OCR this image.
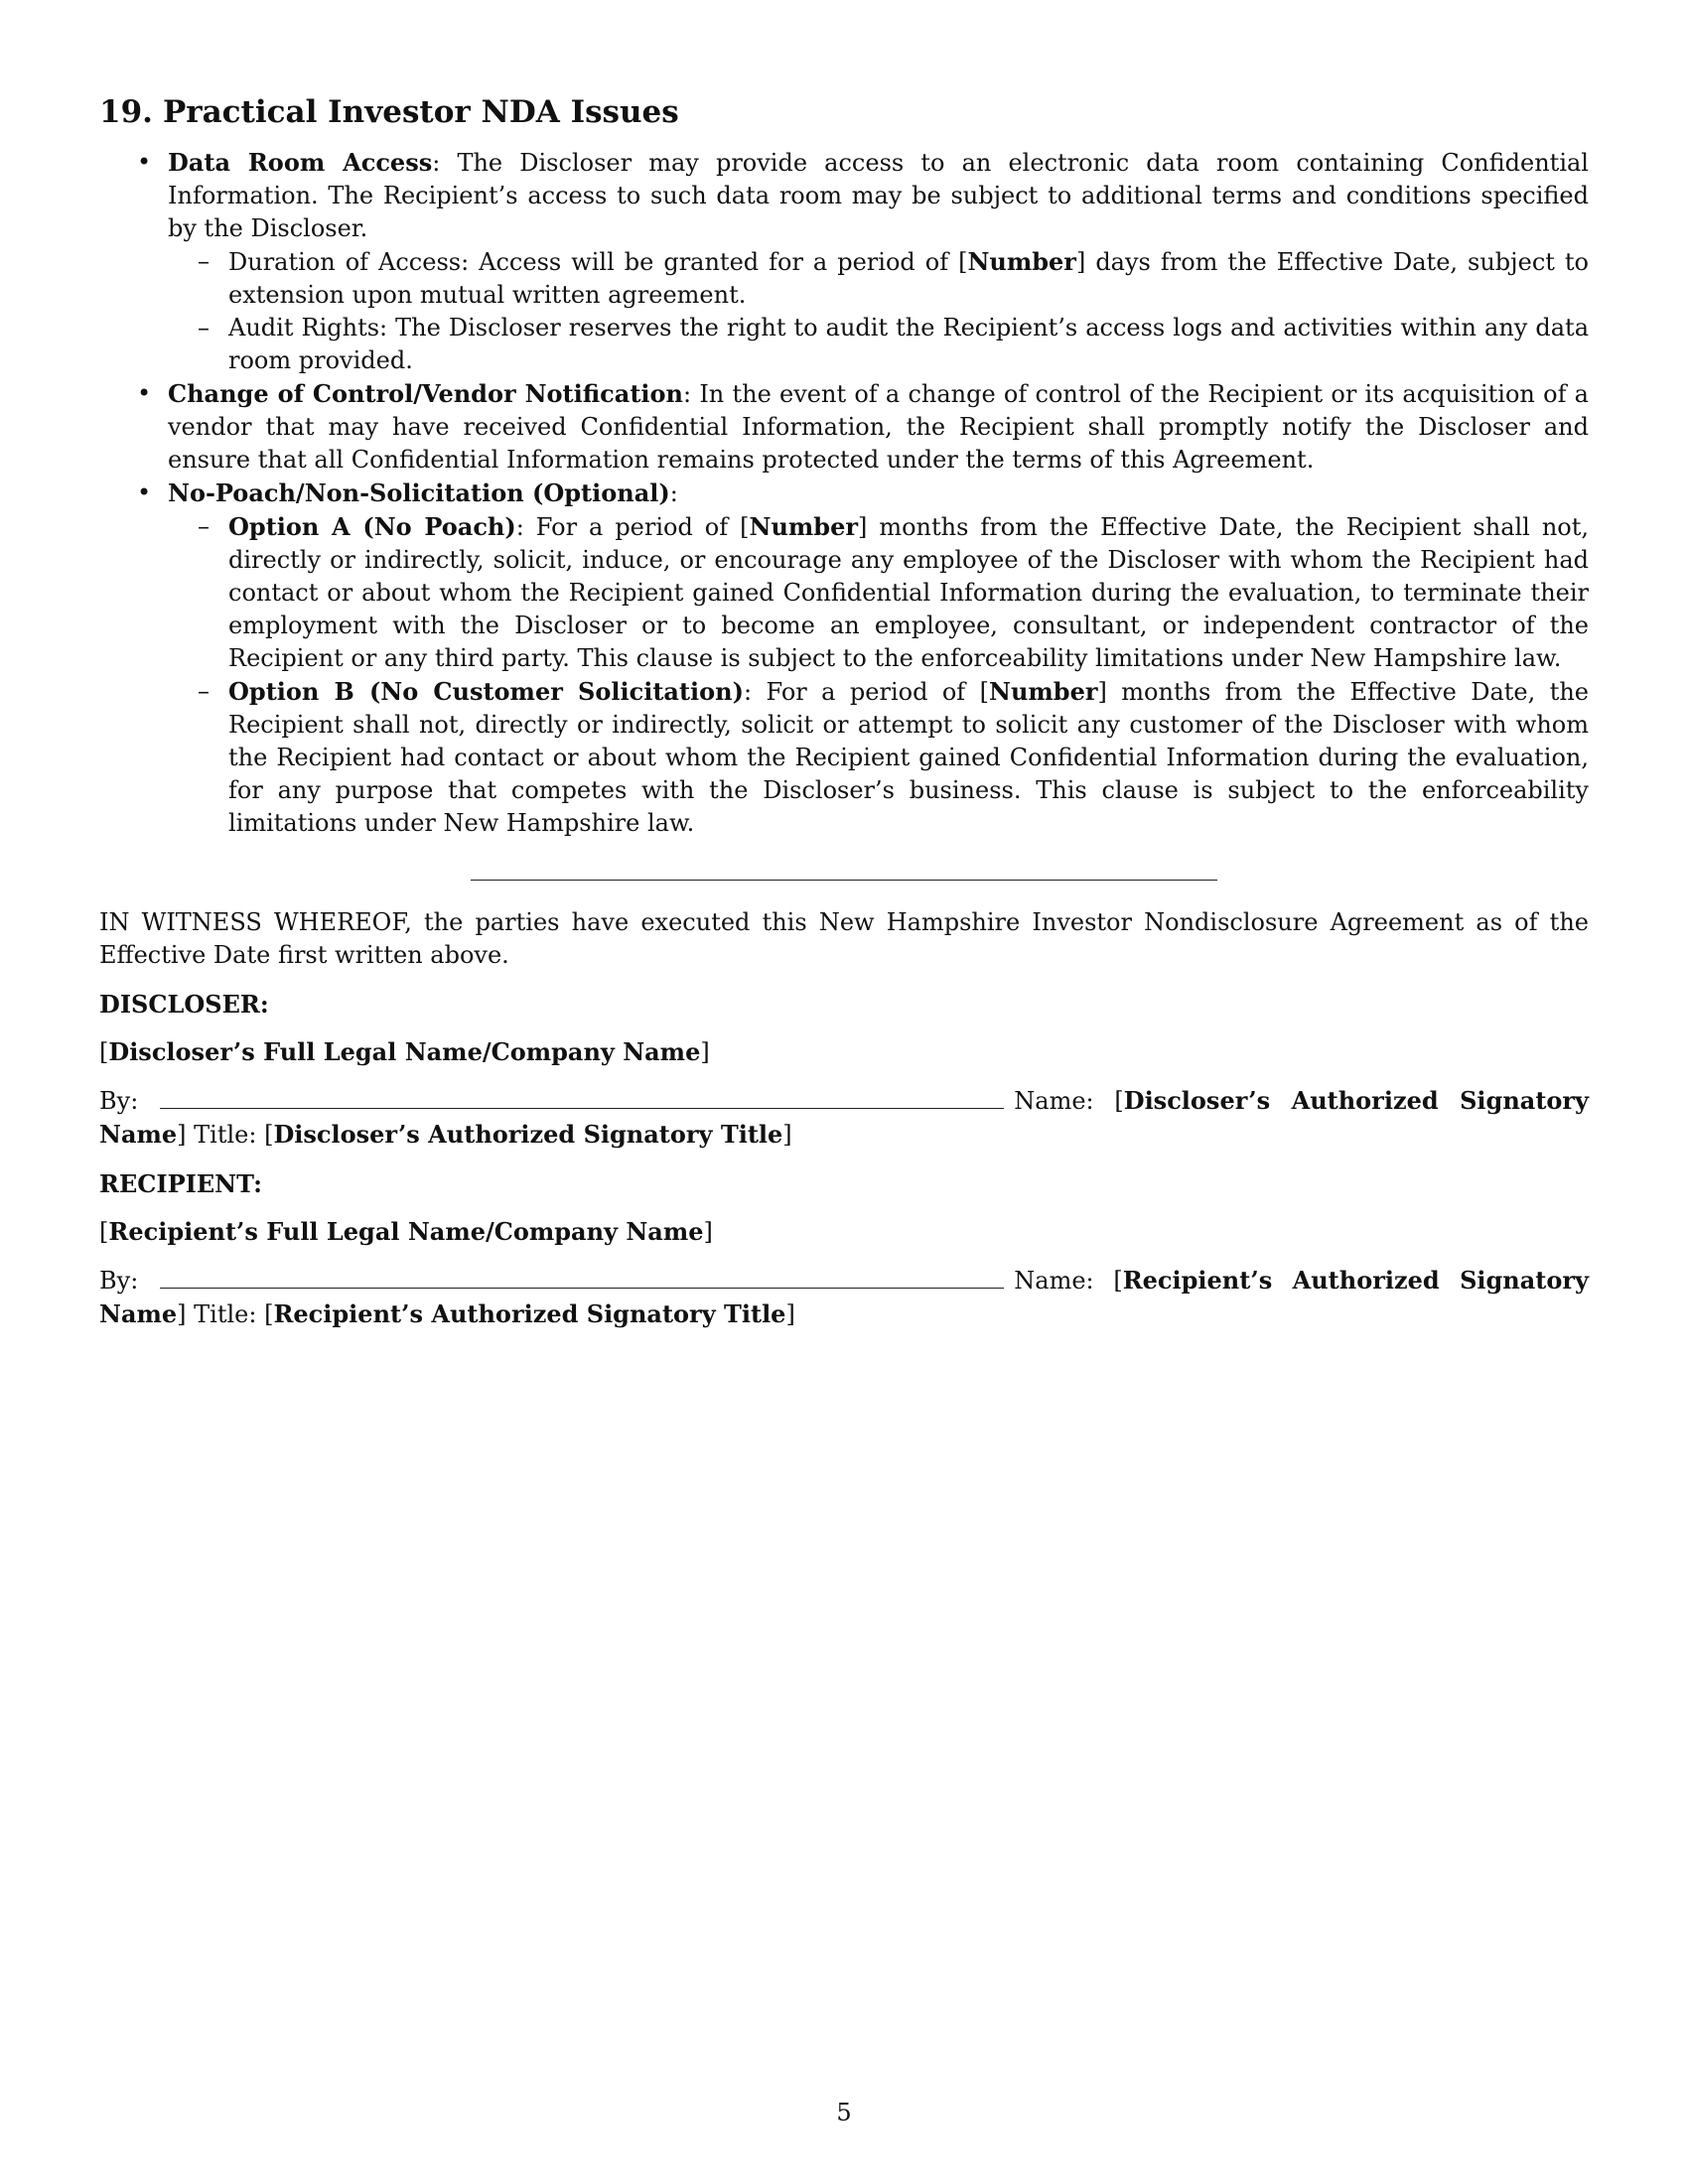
19. Practical Investor NDA Issues
• Data Room Access: The Discloser may provide access to an electronic data room containing Confidential Information. The Recipient’s access to such data room may be subject to additional terms and conditions specified by the Discloser.
– Duration of Access: Access will be granted for a period of [Number] days from the Effective Date, subject to extension upon mutual written agreement.
– Audit Rights: The Discloser reserves the right to audit the Recipient’s access logs and activities within any data room provided.
• Change of Control/Vendor Notification: In the event of a change of control of the Recipient or its acquisition of a vendor that may have received Confidential Information, the Recipient shall promptly notify the Discloser and ensure that all Confidential Information remains protected under the terms of this Agreement.
• No-Poach/Non-Solicitation (Optional):
– Option A (No Poach): For a period of [Number] months from the Effective Date, the Recipient shall not, directly or indirectly, solicit, induce, or encourage any employee of the Discloser with whom the Recipient had contact or about whom the Recipient gained Confidential Information during the evaluation, to terminate their employment with the Discloser or to become an employee, consultant, or independent contractor of the Recipient or any third party. This clause is subject to the enforceability limitations under New Hampshire law.
– Option B (No Customer Solicitation): For a period of [Number] months from the Effective Date, the Recipient shall not, directly or indirectly, solicit or attempt to solicit any customer of the Discloser with whom the Recipient had contact or about whom the Recipient gained Confidential Information during the evaluation, for any purpose that competes with the Discloser’s business. This clause is subject to the enforceability limitations under New Hampshire law.

IN WITNESS WHEREOF, the parties have executed this New Hampshire Investor Nondisclosure Agreement as of the Effective Date first written above.

DISCLOSER:

[Discloser’s Full Legal Name/Company Name]

By:	Name: [Discloser’s Authorized Signatory Name] Title: [Discloser’s Authorized Signatory Title]

RECIPIENT:

[Recipient’s Full Legal Name/Company Name]

By:	Name: [Recipient’s Authorized Signatory Name] Title: [Recipient’s Authorized Signatory Title]

5
